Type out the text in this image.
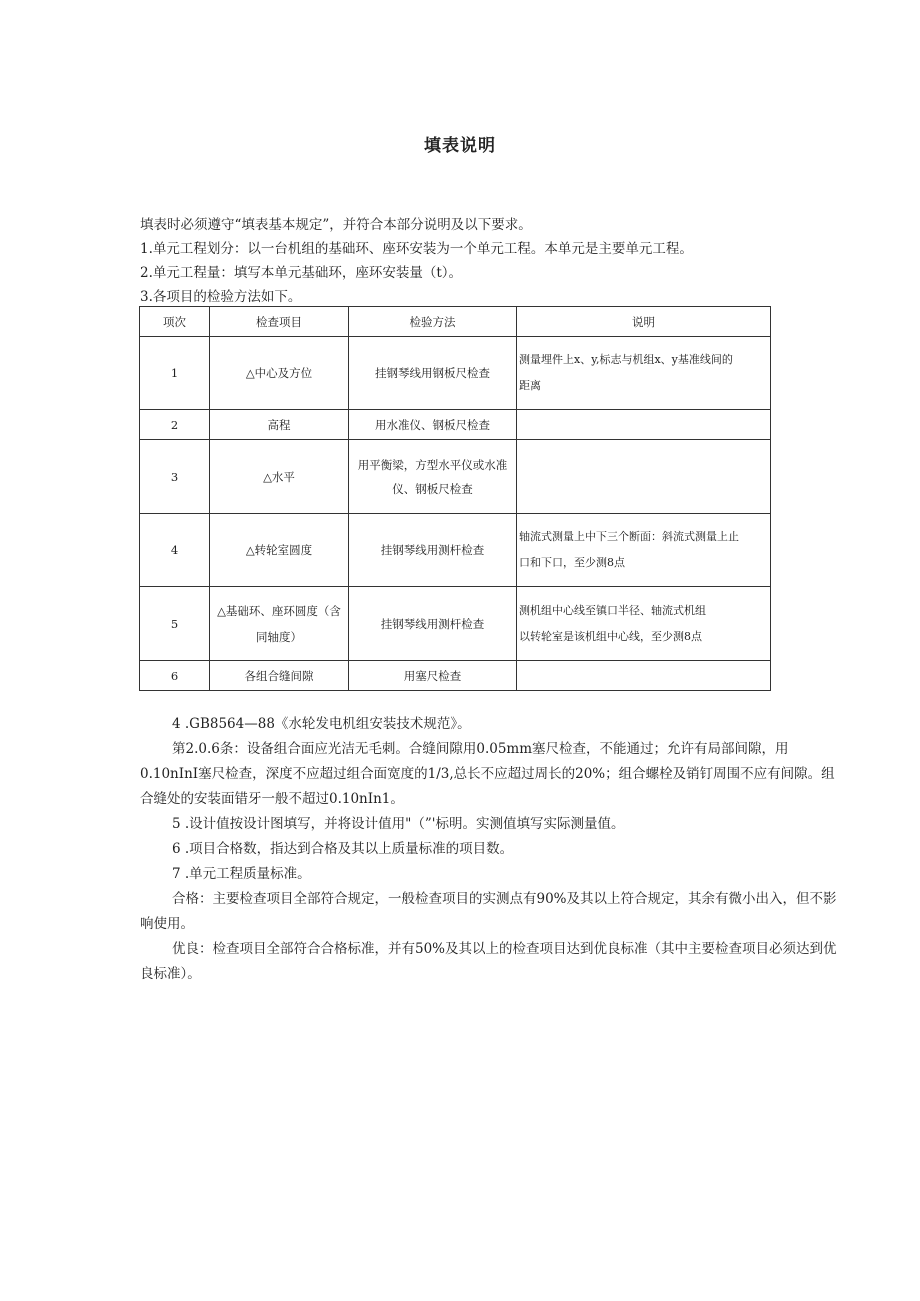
填表说明

填表时必须遵守“填表基本规定”，并符合本部分说明及以下要求。

1.单元工程划分：以一台机组的基础环、座环安装为一个单元工程。本单元是主要单元工程。

2.单元工程量：填写本单元基础环，座环安装量（t）。

3.各项目的检验方法如下。

项次	检查项目	检验方法	说明
1	△中心及方位	挂钢琴线用钢板尺检查	测量埋件上x、y,标志与机组x、y基准线间的
距离

2	高程	用水准仪、钢板尺检查	
3	△水平	用平衡梁，方型水平仪或水准仪、钢板尺检查	
4	△转轮室圆度	挂钢琴线用测杆检查	轴流式测量上中下三个断面：斜流式测量上止
口和下口，至少测8点

5	△基础环、座环圆度（含同轴度）	挂钢琴线用测杆检查	测机组中心线至镇口半径、轴流式机组
以转轮室是该机组中心线，至少测8点

6	各组合缝间隙	用塞尺检查	

4 .GB8564—88《水轮发电机组安装技术规范》。

第2.0.6条：设备组合面应光洁无毛刺。合缝间隙用0.05mm塞尺检查，不能通过；允许有局部间隙，用0.10nInI塞尺检查，深度不应超过组合面宽度的1/3,总长不应超过周长的20%；组合螺栓及销钉周围不应有间隙。组合缝处的安装面错牙一般不超过0.10nIn1。

5 .设计值按设计图填写，并将设计值用"（”'标明。实测值填写实际测量值。

6 .项目合格数，指达到合格及其以上质量标准的项目数。

7 .单元工程质量标准。

合格：主要检查项目全部符合规定，一般检查项目的实测点有90%及其以上符合规定，其余有微小出入，但不影响使用。

优良：检查项目全部符合合格标准，并有50%及其以上的检查项目达到优良标准（其中主要检查项目必须达到优良标准）。
